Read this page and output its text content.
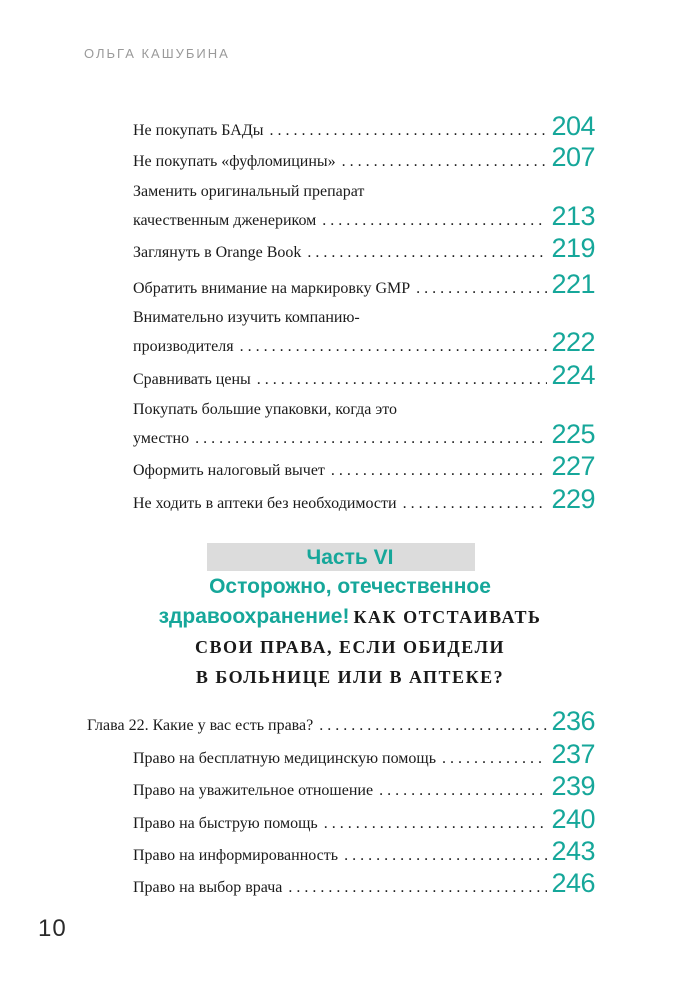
ОЛЬГА КАШУБИНА
Не покупать БАДы . . .	204
Не покупать «фуфломицины» . . .	207
Заменить оригинальный препарат
качественным дженериком . . .	213
Заглянуть в Orange Book . . .	219
Обратить внимание на маркировку GMP . . .	221
Внимательно изучить компанию-
производителя . . .	222
Сравнивать цены . . .	224
Покупать большие упаковки, когда это
уместно . . .	225
Оформить налоговый вычет . . .	227
Не ходить в аптеки без необходимости . . .	229
Часть VI
Осторожно, отечественное
здравоохранение! КАК ОТСТАИВАТЬ
СВОИ ПРАВА, ЕСЛИ ОБИДЕЛИ
В БОЛЬНИЦЕ ИЛИ В АПТЕКЕ?
Глава 22. Какие у вас есть права? . . .	236
Право на бесплатную медицинскую помощь . . .	237
Право на уважительное отношение . . .	239
Право на быструю помощь . . .	240
Право на информированность . . .	243
Право на выбор врача . . .	246
10
